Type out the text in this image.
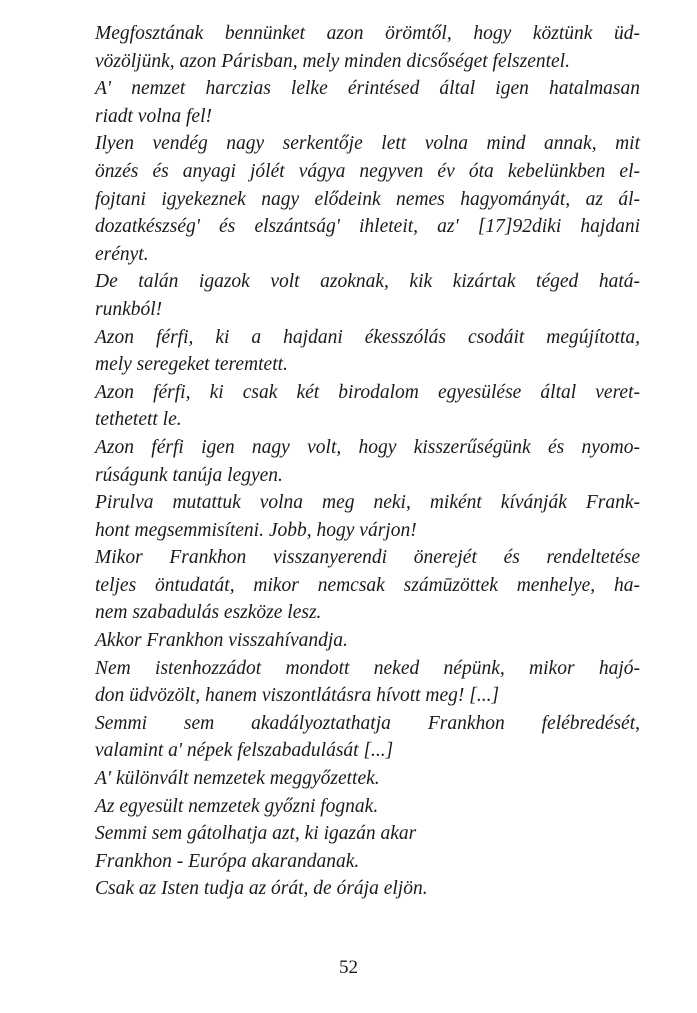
Megfosztának bennünket azon örömtől, hogy köztünk üd-
vözöljünk, azon Párisban, mely minden dicsőséget felszentel.
A' nemzet harczias lelke érintésed által igen hatalmasan
riadt volna fel!
Ilyen vendég nagy serkentője lett volna mind annak, mit
önzés és anyagi jólét vágya negyven év óta kebelünkben el-
fojtani igyekeznek nagy elődeink nemes hagyományát, az ál-
dozatkészség' és elszántság' ihleteit, az' [17]92diki hajdani
erényt.
De talán igazok volt azoknak, kik kizártak téged hatá-
runkból!
Azon férfi, ki a hajdani ékesszólás csodáit megújította,
mely seregeket teremtett.
Azon férfi, ki csak két birodalom egyesülése által veret-
tethetett le.
Azon férfi igen nagy volt, hogy kisszerűségünk és nyomo-
rúságunk tanúja legyen.
Pirulva mutattuk volna meg neki, miként kívánják Frank-
hont megsemmisíteni. Jobb, hogy várjon!
Mikor Frankhon visszanyerendi önerejét és rendeltetése
teljes öntudatát, mikor nemcsak számūzöttek menhelye, ha-
nem szabadulás eszköze lesz.
Akkor Frankhon visszahívandja.
Nem istenhozzádot mondott neked népünk, mikor hajó-
don üdvözölt, hanem viszontlátásra hívott meg! [...]
Semmi sem akadályoztathatja Frankhon felébredését,
valamint a' népek felszabadulását [...]
A' különvált nemzetek meggyőzettek.
Az egyesült nemzetek győzni fognak.
Semmi sem gátolhatja azt, ki igazán akar
Frankhon - Európa akarandanak.
Csak az Isten tudja az órát, de órája eljön.
52
